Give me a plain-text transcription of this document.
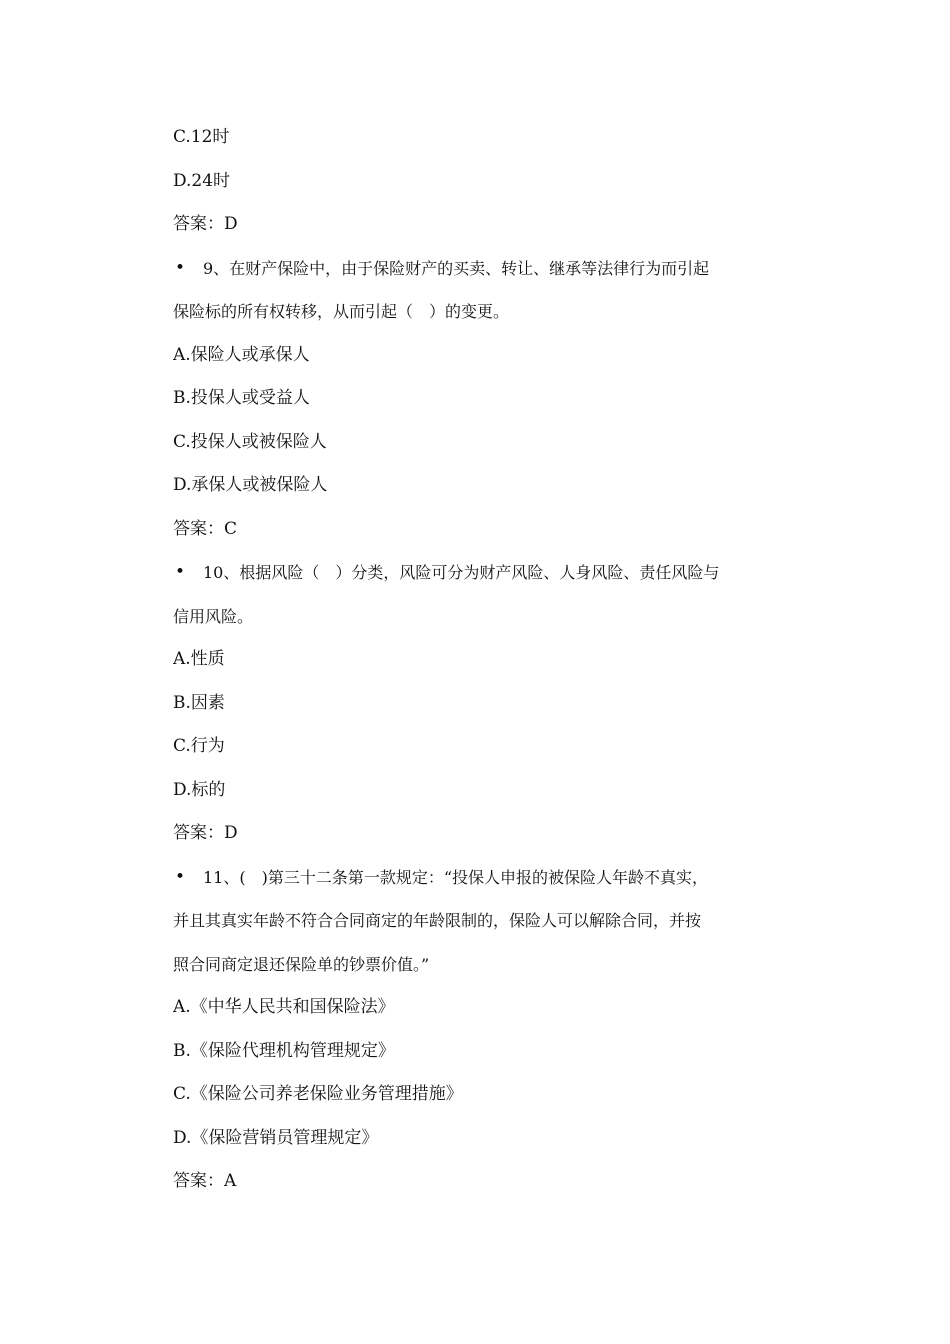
C.12时
D.24时
答案：D
•	9、在财产保险中，由于保险财产的买卖、转让、继承等法律行为而引起
保险标的所有权转移，从而引起（　）的变更。
A.保险人或承保人
B.投保人或受益人
C.投保人或被保险人
D.承保人或被保险人
答案：C
•	10、根据风险（　）分类，风险可分为财产风险、人身风险、责任风险与
信用风险。
A.性质
B.因素
C.行为
D.标的
答案：D
•	11、(　)第三十二条第一款规定：“投保人申报的被保险人年龄不真实，
并且其真实年龄不符合合同商定的年龄限制的，保险人可以解除合同，并按
照合同商定退还保险单的钞票价值。”
A.《中华人民共和国保险法》
B.《保险代理机构管理规定》
C.《保险公司养老保险业务管理措施》
D.《保险营销员管理规定》
答案：A
